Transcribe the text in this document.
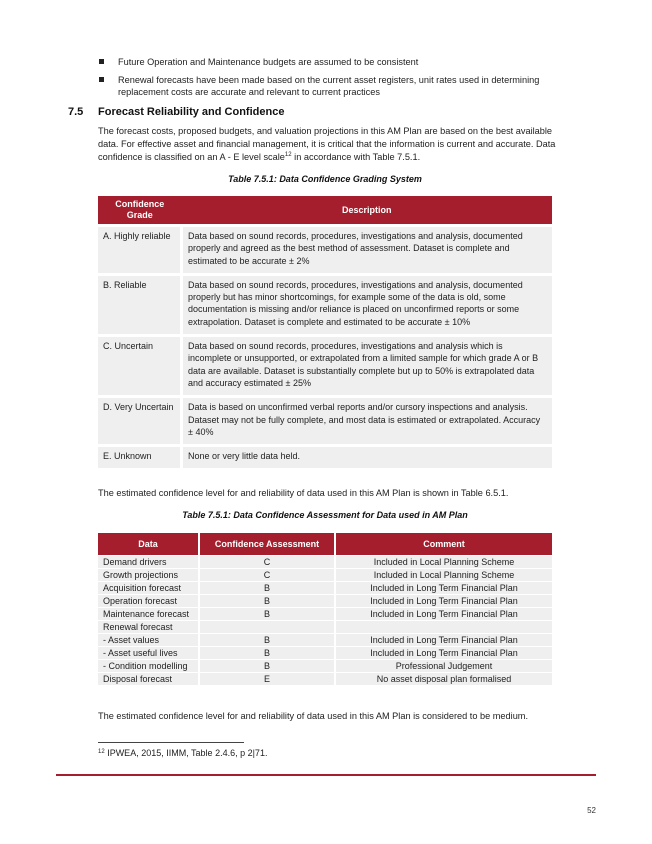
Future Operation and Maintenance budgets are assumed to be consistent
Renewal forecasts have been made based on the current asset registers, unit rates used in determining replacement costs are accurate and relevant to current practices
7.5 Forecast Reliability and Confidence

The forecast costs, proposed budgets, and valuation projections in this AM Plan are based on the best available data. For effective asset and financial management, it is critical that the information is current and accurate. Data confidence is classified on an A - E level scale$^{12}$ in accordance with Table 7.5.1.

Table 7.5.1: Data Confidence Grading System
Confidence Grade	Description
A. Highly reliable	Data based on sound records, procedures, investigations and analysis, documented properly and agreed as the best method of assessment. Dataset is complete and estimated to be accurate ± 2%
B. Reliable	Data based on sound records, procedures, investigations and analysis, documented properly but has minor shortcomings, for example some of the data is old, some documentation is missing and/or reliance is placed on unconfirmed reports or some extrapolation. Dataset is complete and estimated to be accurate ± 10%
C. Uncertain	Data based on sound records, procedures, investigations and analysis which is incomplete or unsupported, or extrapolated from a limited sample for which grade A or B data are available. Dataset is substantially complete but up to 50% is extrapolated data and accuracy estimated ± 25%
D. Very Uncertain	Data is based on unconfirmed verbal reports and/or cursory inspections and analysis. Dataset may not be fully complete, and most data is estimated or extrapolated. Accuracy ± 40%
E. Unknown	None or very little data held.

The estimated confidence level for and reliability of data used in this AM Plan is shown in Table 6.5.1.

Table 7.5.1: Data Confidence Assessment for Data used in AM Plan
Data	Confidence Assessment	Comment
Demand drivers	C	Included in Local Planning Scheme
Growth projections	C	Included in Local Planning Scheme
Acquisition forecast	B	Included in Long Term Financial Plan
Operation forecast	B	Included in Long Term Financial Plan
Maintenance forecast	B	Included in Long Term Financial Plan
Renewal forecast		
- Asset values	B	Included in Long Term Financial Plan
- Asset useful lives	B	Included in Long Term Financial Plan
- Condition modelling	B	Professional Judgement
Disposal forecast	E	No asset disposal plan formalised

The estimated confidence level for and reliability of data used in this AM Plan is considered to be medium.

$^{12}$ IPWEA, 2015, IIMM, Table 2.4.6, p 2|71.
52
